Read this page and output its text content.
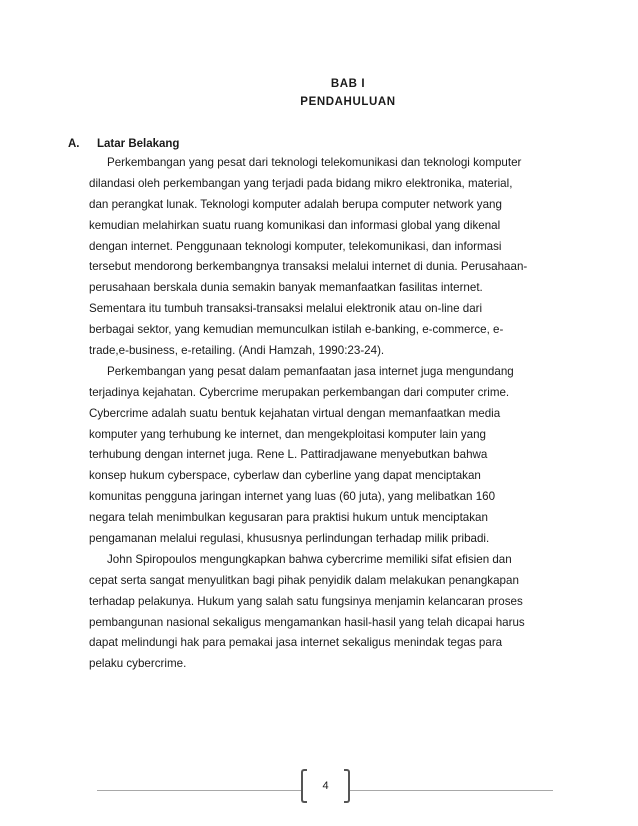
BAB I
PENDAHULUAN
A. Latar Belakang
Perkembangan yang pesat dari teknologi telekomunikasi dan teknologi komputer
dilandasi oleh perkembangan yang terjadi pada bidang mikro elektronika, material,
dan perangkat lunak. Teknologi komputer adalah berupa computer network yang
kemudian melahirkan suatu ruang komunikasi dan informasi global yang dikenal
dengan internet. Penggunaan teknologi komputer, telekomunikasi, dan informasi
tersebut mendorong berkembangnya transaksi melalui internet di dunia. Perusahaan-
perusahaan berskala dunia semakin banyak memanfaatkan fasilitas internet.
Sementara itu tumbuh transaksi-transaksi melalui elektronik atau on-line dari
berbagai sektor, yang kemudian memunculkan istilah e-banking, e-commerce, e-
trade,e-business, e-retailing. (Andi Hamzah, 1990:23-24).
Perkembangan yang pesat dalam pemanfaatan jasa internet juga mengundang
terjadinya kejahatan. Cybercrime merupakan perkembangan dari computer crime.
Cybercrime adalah suatu bentuk kejahatan virtual dengan memanfaatkan media
komputer yang terhubung ke internet, dan mengekploitasi komputer lain yang
terhubung dengan internet juga. Rene L. Pattiradjawane menyebutkan bahwa
konsep hukum cyberspace, cyberlaw dan cyberline yang dapat menciptakan
komunitas pengguna jaringan internet yang luas (60 juta), yang melibatkan 160
negara telah menimbulkan kegusaran para praktisi hukum untuk menciptakan
pengamanan melalui regulasi, khususnya perlindungan terhadap milik pribadi.
John Spiropoulos mengungkapkan bahwa cybercrime memiliki sifat efisien dan
cepat serta sangat menyulitkan bagi pihak penyidik dalam melakukan penangkapan
terhadap pelakunya. Hukum yang salah satu fungsinya menjamin kelancaran proses
pembangunan nasional sekaligus mengamankan hasil-hasil yang telah dicapai harus
dapat melindungi hak para pemakai jasa internet sekaligus menindak tegas para
pelaku cybercrime.
4
